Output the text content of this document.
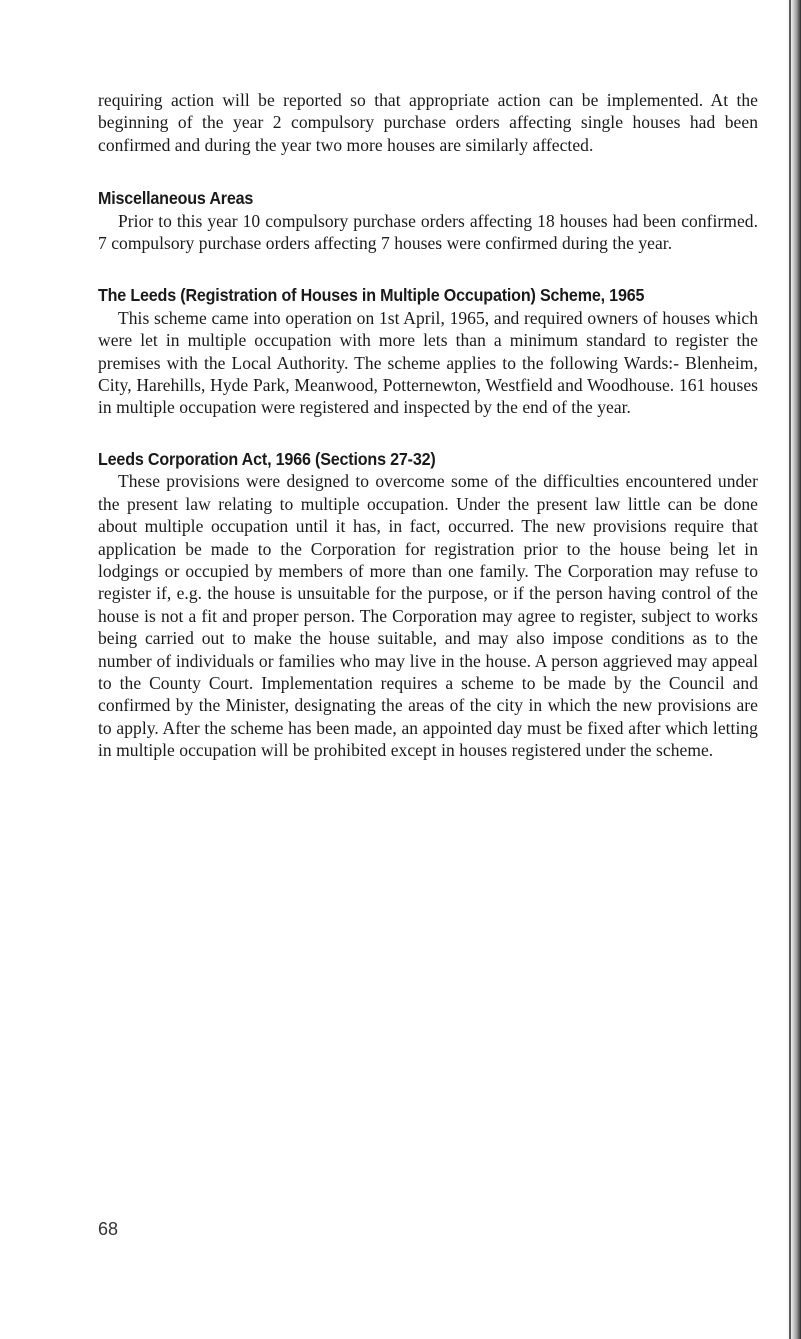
requiring action will be reported so that appropriate action can be implemented. At the beginning of the year 2 compulsory purchase orders affecting single houses had been confirmed and during the year two more houses are similarly affected.

Miscellaneous Areas

Prior to this year 10 compulsory purchase orders affecting 18 houses had been confirmed. 7 compulsory purchase orders affecting 7 houses were confirmed during the year.

The Leeds (Registration of Houses in Multiple Occupation) Scheme, 1965

This scheme came into operation on 1st April, 1965, and required owners of houses which were let in multiple occupation with more lets than a minimum standard to register the premises with the Local Authority. The scheme applies to the following Wards:- Blenheim, City, Harehills, Hyde Park, Meanwood, Potternewton, Westfield and Woodhouse. 161 houses in multiple occupation were registered and inspected by the end of the year.

Leeds Corporation Act, 1966 (Sections 27-32)

These provisions were designed to overcome some of the difficulties encountered under the present law relating to multiple occupation. Under the present law little can be done about multiple occupation until it has, in fact, occurred. The new provisions require that application be made to the Corporation for registration prior to the house being let in lodgings or occupied by members of more than one family. The Corporation may refuse to register if, e.g. the house is unsuitable for the purpose, or if the person having control of the house is not a fit and proper person. The Corporation may agree to register, subject to works being carried out to make the house suitable, and may also impose conditions as to the number of individuals or families who may live in the house. A person aggrieved may appeal to the County Court. Implementation requires a scheme to be made by the Council and confirmed by the Minister, designating the areas of the city in which the new provisions are to apply. After the scheme has been made, an appointed day must be fixed after which letting in multiple occupation will be prohibited except in houses registered under the scheme.

68
